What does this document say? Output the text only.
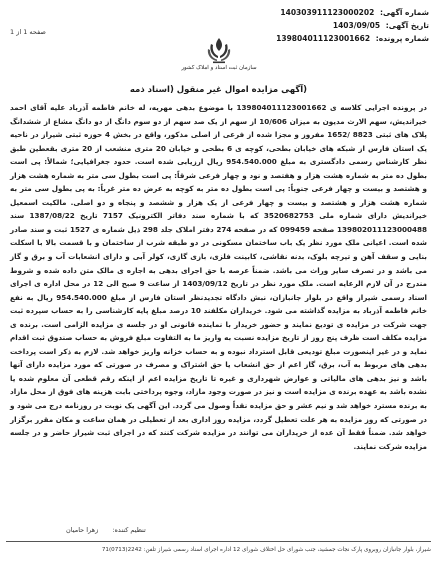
شماره آگهی: 140303911123000202
تاریخ آگهی: 1403/09/05
شماره پرونده: 139804011123001662
صفحه 1 از 1
سازمان ثبت اسناد و املاک کشور
(آگهی مزایده اموال غیر منقول (اسناد ذمه
در پرونده اجرایی کلاسه ی 139804011123001662 با موضوع بدهی مهریه، له خانم فاطمه آذرباد علیه آقای احمد خیراندیش، سهم الارث مدیون به میزان 10/606 از سهم از یک صد سهم از دو سوم دانگ از دو دانگ مشاع از ششدانگ پلاک های ثبتی 8823 /1652 مفروز و مجزا شده از فرعی از اصلی مذکور، واقع در بخش 4 حوزه ثبتی شیراز در ناحیه یک استان فارس از شبکه های خیابان بطحی، کوچه ی 6 بطحی و خیابان 20 متری منشعب از 20 متری بقعطین طبق نظر کارشناس رسمی دادگستری به مبلغ 954.540.000 ریال ارزیابی شده است. حدود جغرافیایی؛ شمالاً: پی است بطول ده متر به شماره هشت هزار و هفتصد و نود و چهار فرعی شرقاً: پی است بطول سی متر به شماره هشت هزار و هشتصد و بیست و چهار فرعی جنوباً: پی است بطول ده متر به کوچه به عرض ده متر غرباً: به پی بطول سی متر به شماره هشت هزار و هشتصد و بیست و چهار فرعی از یک هزار و ششصد و پنجاه و دو اصلی. مالکیت اسمعیل خیراندیش دارای شماره ملی 3520682753 که با شماره سند دفاتر الکترونیک 7157 تاریخ 1387/08/22 سند 139802011123000488 صفحه 099459 که در صفحه 274 دفتر املاک جلد 298 ذیل شماره ی 1527 ثبت و سند صادر شده است. اعیانی ملک مورد نظر یک باب ساختمان مسکونی در دو طبقه شرب از ساختمان و با قسمت بالا با اسکلت بنایی و سقف آهن و تیرچه بلوک، بدنه نقاشی، کابینت فلزی، بازی گازی، کولر آبی و دارای انشعابات آب و برق و گاز می باشد و در تصرف سایر وراث می باشد. ضمناً عرصه با حق اجرای بدهی به اجاره ی مالک متن داده شده و شروط مندرج در آن لازم الرعایه است. ملک مورد نظر در تاریخ 1403/09/12 از ساعت 9 صبح الی 12 در محل اداره ی اجرای اسناد رسمی شیراز واقع در بلوار جانبازان، نبش دادگاه تجدیدنظر استان فارس از مبلغ 954.540.000 ریال به نفع خانم فاطمه آذرباد به مزایده گذاشته می شود. خریداران مکلفند 10 درصد مبلغ پایه کارشناسی را به حساب سپرده ثبت جهت شرکت در مزایده ی تودیع نمایند و حضور خریدار با نماینده قانونی او در جلسه ی مزایده الزامی است. برنده ی مزایده مکلف است ظرف پنج روز از تاریخ مزایده نسبت به واریز ما به التفاوت مبلغ فروش به حساب صندوق ثبت اقدام نماید و در غیر اینصورت مبلغ تودیعی قابل استرداد نبوده و به حساب خزانه واریز خواهد شد. لازم به ذکر است پرداخت بدهی های مربوط به آب، برق، گاز اعم از حق انشعاب یا حق اشتراک و مصرف در صورتی که مورد مزایده دارای آنها باشد و نیز بدهی های مالیاتی و عوارض شهرداری و غیره تا تاریخ مزایده اعم از اینکه رقم قطعی آن معلوم شده یا نشده باشد به عهده برنده ی مزایده است و نیز در صورت وجود مازاد، وجوه پرداختی بابت هزینه های فوق از محل مازاد به برنده مسترد خواهد شد و نیم عشر و حق مزایده نقداً وصول می گردد. این آگهی یک نوبت در روزنامه درج می شود و در صورتی که روز مزایده به هر علت تعطیل گردد، مزایده روز اداری بعد از تعطیلی در همان ساعت و مکان مقرر برگزار خواهد شد. ضمناً فقط آن عده از خریداران می توانند در مزایده شرکت کنند که در اجرای ثبت شیراز حاضر و در جلسه مزایده شرکت نمایند.
تنظیم کننده: زهرا حامیان
شیراز، بلوار جانبازان روبروی پارک نجات جمشید، جنب شورای حل اختلاف شورای 12 اداره اجرای اسناد رسمی شیراز تلفن: 2242(0713)71
